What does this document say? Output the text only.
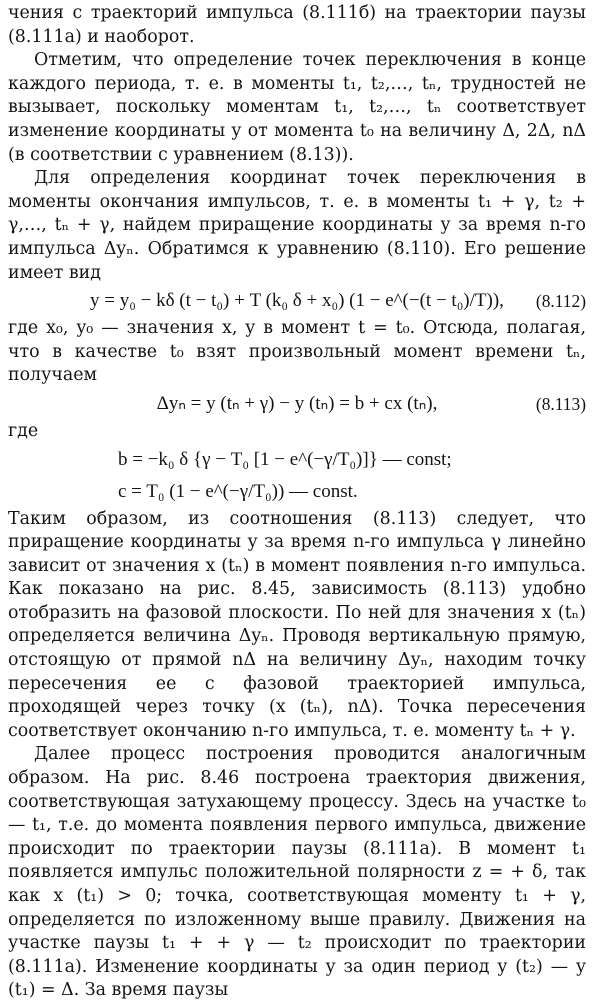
чения с траекторий импульса (8.111б) на траектории паузы (8.111а) и наоборот.

Отметим, что определение точек переключения в конце каждого периода, т. е. в моменты t₁, t₂,…, tₙ, трудностей не вызывает, поскольку моментам t₁, t₂,…, tₙ соответствует изменение координаты y от момента t₀ на величину Δ, 2Δ, nΔ (в соответствии с уравнением (8.13)).

Для определения координат точек переключения в моменты окончания импульсов, т. е. в моменты t₁ + γ, t₂ + γ,…, tₙ + γ, найдем приращение координаты y за время n-го импульса Δyₙ. Обратимся к уравнению (8.110). Его решение имеет вид

y = y₀ − kδ (t − t₀) + T (k₀ δ + x₀) (1 − e^(−(t − t₀)/T)), (8.112)

где x₀, y₀ — значения x, y в момент t = t₀. Отсюда, полагая, что в качестве t₀ взят произвольный момент времени tₙ, получаем

Δyₙ = y (tₙ + γ) − y (tₙ) = b + cx (tₙ),	(8.113)

где

b = −k₀ δ {γ − T₀ [1 − e^(−γ/T₀)]} — const;
c = T₀ (1 − e^(−γ/T₀)) — const.

Таким образом, из соотношения (8.113) следует, что приращение координаты y за время n-го импульса γ линейно зависит от значения x (tₙ) в момент появления n-го импульса. Как показано на рис. 8.45, зависимость (8.113) удобно отобразить на фазовой плоскости. По ней для значения x (tₙ) определяется величина Δyₙ. Проводя вертикальную прямую, отстоящую от прямой nΔ на величину Δyₙ, находим точку пересечения ее с фазовой траекторией импульса, проходящей через точку (x (tₙ), nΔ). Точка пересечения соответствует окончанию n-го импульса, т. е. моменту tₙ + γ.

Далее процесс построения проводится аналогичным образом. На рис. 8.46 построена траектория движения, соответствующая затухающему процессу. Здесь на участке t₀ — t₁, т.е. до момента появления первого импульса, движение происходит по траектории паузы (8.111а). В момент t₁ появляется импульс положительной полярности z = + δ, так как x (t₁) > 0; точка, соответствующая моменту t₁ + γ, определяется по изложенному выше правилу. Движения на участке паузы t₁ + + γ — t₂ происходит по траектории (8.111а). Изменение координаты y за один период y (t₂) — y (t₁) = Δ. За время паузы
